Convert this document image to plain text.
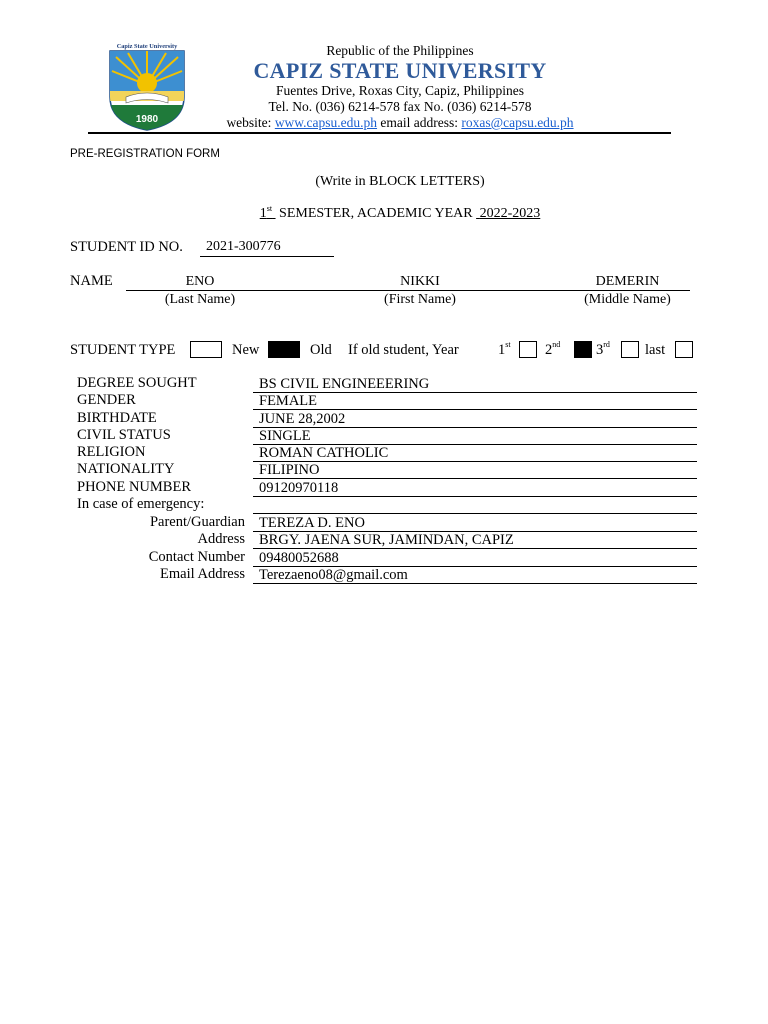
Capiz State University
1980
Republic of the Philippines
CAPIZ STATE UNIVERSITY
Fuentes Drive, Roxas City, Capiz, Philippines
Tel. No. (036) 6214-578 fax No. (036) 6214-578
website: www.capsu.edu.ph email address: roxas@capsu.edu.ph
PRE-REGISTRATION FORM
(Write in BLOCK LETTERS)
1st SEMESTER, ACADEMIC YEAR 2022-2023
STUDENT ID NO.	2021-300776
NAME	ENO	NIKKI	DEMERIN
(Last Name)	(First Name)	(Middle Name)
STUDENT TYPE	New	Old If old student, Year	1st 2nd 3rd last
DEGREE SOUGHT	BS CIVIL ENGINEEERING
GENDER	FEMALE
BIRTHDATE	JUNE 28,2002
CIVIL STATUS	SINGLE
RELIGION	ROMAN CATHOLIC
NATIONALITY	FILIPINO
PHONE NUMBER	09120970118
In case of emergency:
Parent/Guardian TEREZA D. ENO
Address BRGY. JAENA SUR, JAMINDAN, CAPIZ
Contact Number 09480052688
Email Address Terezaeno08@gmail.com
